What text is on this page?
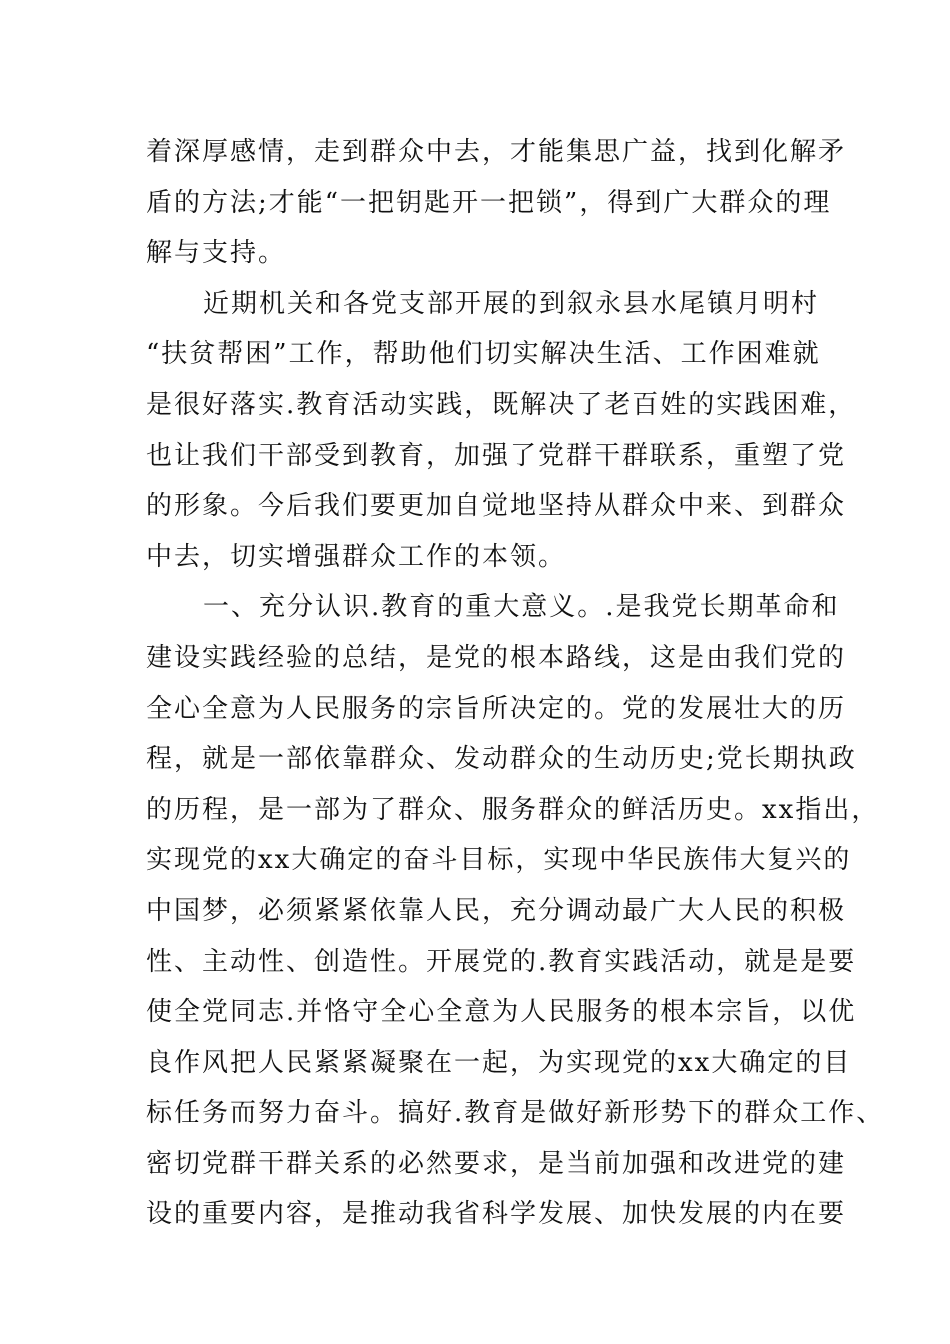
着深厚感情，走到群众中去，才能集思广益，找到化解矛
盾的方法;才能“一把钥匙开一把锁”，得到广大群众的理
解与支持。
近期机关和各党支部开展的到叙永县水尾镇月明村
“扶贫帮困”工作，帮助他们切实解决生活、工作困难就
是很好落实.教育活动实践，既解决了老百姓的实践困难，
也让我们干部受到教育，加强了党群干群联系，重塑了党
的形象。今后我们要更加自觉地坚持从群众中来、到群众
中去，切实增强群众工作的本领。
一、充分认识.教育的重大意义。.是我党长期革命和
建设实践经验的总结，是党的根本路线，这是由我们党的
全心全意为人民服务的宗旨所决定的。党的发展壮大的历
程，就是一部依靠群众、发动群众的生动历史;党长期执政
的历程，是一部为了群众、服务群众的鲜活历史。xx指出，
实现党的xx大确定的奋斗目标，实现中华民族伟大复兴的
中国梦，必须紧紧依靠人民，充分调动最广大人民的积极
性、主动性、创造性。开展党的.教育实践活动，就是是要
使全党同志.并恪守全心全意为人民服务的根本宗旨，以优
良作风把人民紧紧凝聚在一起，为实现党的xx大确定的目
标任务而努力奋斗。搞好.教育是做好新形势下的群众工作、
密切党群干群关系的必然要求，是当前加强和改进党的建
设的重要内容，是推动我省科学发展、加快发展的内在要
